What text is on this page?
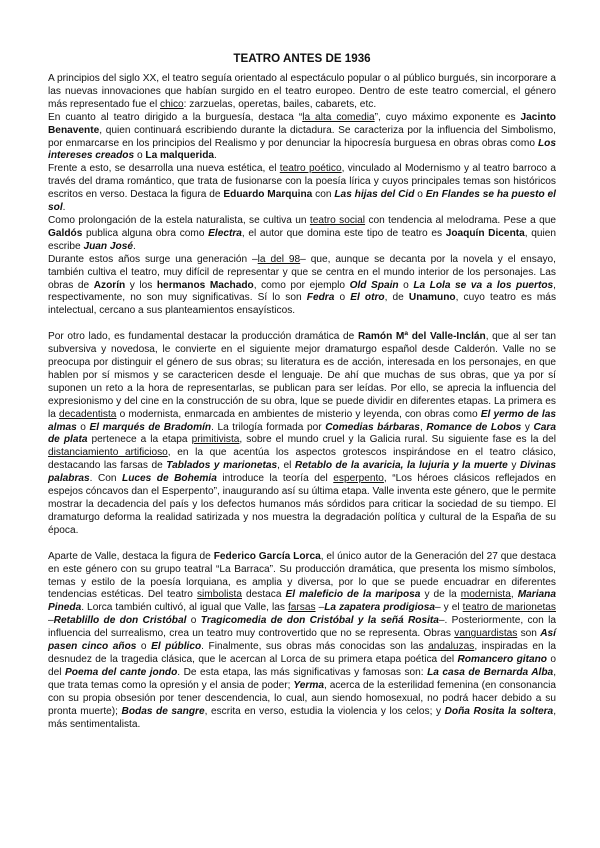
TEATRO ANTES DE 1936

A principios del siglo XX, el teatro seguía orientado al espectáculo popular o al público burgués, sin incorporare a las nuevas innovaciones que habían surgido en el teatro europeo. Dentro de este teatro comercial, el género más representado fue el chico: zarzuelas, operetas, bailes, cabarets, etc.

En cuanto al teatro dirigido a la burguesía, destaca “la alta comedia”, cuyo máximo exponente es Jacinto Benavente, quien continuará escribiendo durante la dictadura. Se caracteriza por la influencia del Simbolismo, por enmarcarse en los principios del Realismo y por denunciar la hipocresía burguesa en obras obras como Los intereses creados o La malquerida.

Frente a esto, se desarrolla una nueva estética, el teatro poético, vinculado al Modernismo y al teatro barroco a través del drama romántico, que trata de fusionarse con la poesía lírica y cuyos principales temas son históricos escritos en verso. Destaca la figura de Eduardo Marquina con Las hijas del Cid o En Flandes se ha puesto el sol.

Como prolongación de la estela naturalista, se cultiva un teatro social con tendencia al melodrama. Pese a que Galdós publica alguna obra como Electra, el autor que domina este tipo de teatro es Joaquín Dicenta, quien escribe Juan José.

Durante estos años surge una generación –la del 98– que, aunque se decanta por la novela y el ensayo, también cultiva el teatro, muy difícil de representar y que se centra en el mundo interior de los personajes. Las obras de Azorín y los hermanos Machado, como por ejemplo Old Spain o La Lola se va a los puertos, respectivamente, no son muy significativas. Sí lo son Fedra o El otro, de Unamuno, cuyo teatro es más intelectual, cercano a sus planteamientos ensayísticos.

Por otro lado, es fundamental destacar la producción dramática de Ramón Mª del Valle-Inclán, que al ser tan subversiva y novedosa, le convierte en el siguiente mejor dramaturgo español desde Calderón. Valle no se preocupa por distinguir el género de sus obras; su literatura es de acción, interesada en los personajes, en que hablen por sí mismos y se caractericen desde el lenguaje. De ahí que muchas de sus obras, que ya por sí suponen un reto a la hora de representarlas, se publican para ser leídas. Por ello, se aprecia la influencia del expresionismo y del cine en la construcción de su obra, lque se puede dividir en diferentes etapas. La primera es la decadentista o modernista, enmarcada en ambientes de misterio y leyenda, con obras como El yermo de las almas o El marqués de Bradomín. La trilogía formada por Comedias bárbaras, Romance de Lobos y Cara de plata pertenece a la etapa primitivista, sobre el mundo cruel y la Galicia rural. Su siguiente fase es la del distanciamiento artificioso, en la que acentúa los aspectos grotescos inspirándose en el teatro clásico, destacando las farsas de Tablados y marionetas, el Retablo de la avaricia, la lujuria y la muerte y Divinas palabras. Con Luces de Bohemia introduce la teoría del esperpento, “Los héroes clásicos reflejados en espejos cóncavos dan el Esperpento”, inaugurando así su última etapa. Valle inventa este género, que le permite mostrar la decadencia del país y los defectos humanos más sórdidos para criticar la sociedad de su tiempo. El dramaturgo deforma la realidad satirizada y nos muestra la degradación política y cultural de la España de su época.

Aparte de Valle, destaca la figura de Federico García Lorca, el único autor de la Generación del 27 que destaca en este género con su grupo teatral “La Barraca”. Su producción dramática, que presenta los mismo símbolos, temas y estilo de la poesía lorquiana, es amplia y diversa, por lo que se puede encuadrar en diferentes tendencias estéticas. Del teatro simbolista destaca El maleficio de la mariposa y de la modernista, Mariana Pineda. Lorca también cultivó, al igual que Valle, las farsas –La zapatera prodigiosa– y el teatro de marionetas –Retablillo de don Cristóbal o Tragicomedia de don Cristóbal y la señá Rosita–. Posteriormente, con la influencia del surrealismo, crea un teatro muy controvertido que no se representa. Obras vanguardistas son Así pasen cinco años o El público. Finalmente, sus obras más conocidas son las andaluzas, inspiradas en la desnudez de la tragedia clásica, que le acercan al Lorca de su primera etapa poética del Romancero gitano o del Poema del cante jondo. De esta etapa, las más significativas y famosas son: La casa de Bernarda Alba, que trata temas como la opresión y el ansia de poder; Yerma, acerca de la esterilidad femenina (en consonancia con su propia obsesión por tener descendencia, lo cual, aun siendo homosexual, no podrá hacer debido a su pronta muerte); Bodas de sangre, escrita en verso, estudia la violencia y los celos; y Doña Rosita la soltera, más sentimentalista.
